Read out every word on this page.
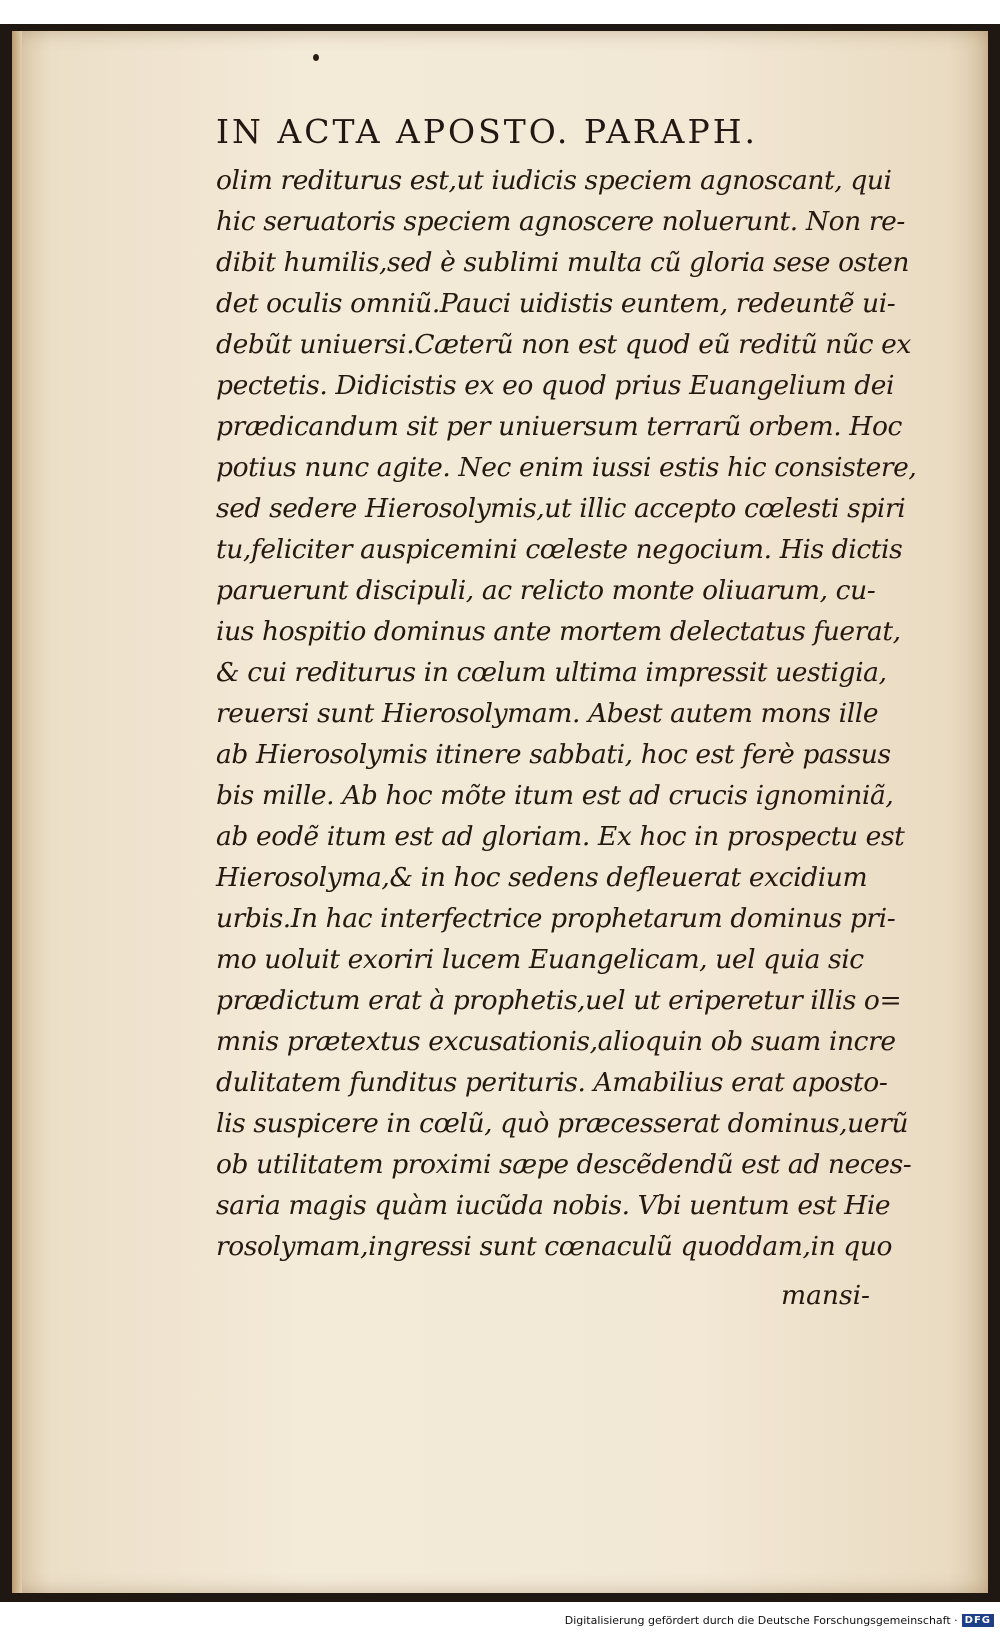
IN ACTA APOSTO. PARAPH.
olim rediturus est,ut iudicis speciem agnoscant, qui
hic seruatoris speciem agnoscere noluerunt. Non re-
dibit humilis,sed è sublimi multa cũ gloria sese osten
det oculis omniũ.Pauci uidistis euntem, redeuntẽ ui-
debũt uniuersi.Cæterũ non est quod eũ reditũ nũc ex
pectetis. Didicistis ex eo quod prius Euangelium dei
prædicandum sit per uniuersum terrarũ orbem. Hoc
potius nunc agite. Nec enim iussi estis hic consistere,
sed sedere Hierosolymis,ut illic accepto cœlesti spiri
tu,feliciter auspicemini cœleste negocium. His dictis
paruerunt discipuli, ac relicto monte oliuarum, cu-
ius hospitio dominus ante mortem delectatus fuerat,
& cui rediturus in cœlum ultima impressit uestigia,
reuersi sunt Hierosolymam. Abest autem mons ille
ab Hierosolymis itinere sabbati, hoc est ferè passus
bis mille. Ab hoc mõte itum est ad crucis ignominiã,
ab eodẽ itum est ad gloriam. Ex hoc in prospectu est
Hierosolyma,& in hoc sedens defleuerat excidium
urbis.In hac interfectrice prophetarum dominus pri-
mo uoluit exoriri lucem Euangelicam, uel quia sic
prædictum erat à prophetis,uel ut eriperetur illis o=
mnis prætextus excusationis,alioquin ob suam incre
dulitatem funditus perituris. Amabilius erat aposto-
lis suspicere in cœlũ, quò præcesserat dominus,uerũ
ob utilitatem proximi sæpe descẽdendũ est ad neces-
saria magis quàm iucũda nobis. Vbi uentum est Hie
rosolymam,ingressi sunt cœnaculũ quoddam,in quo
mansi-
Digitalisierung gefördert durch die Deutsche Forschungsgemeinschaft · DFG
